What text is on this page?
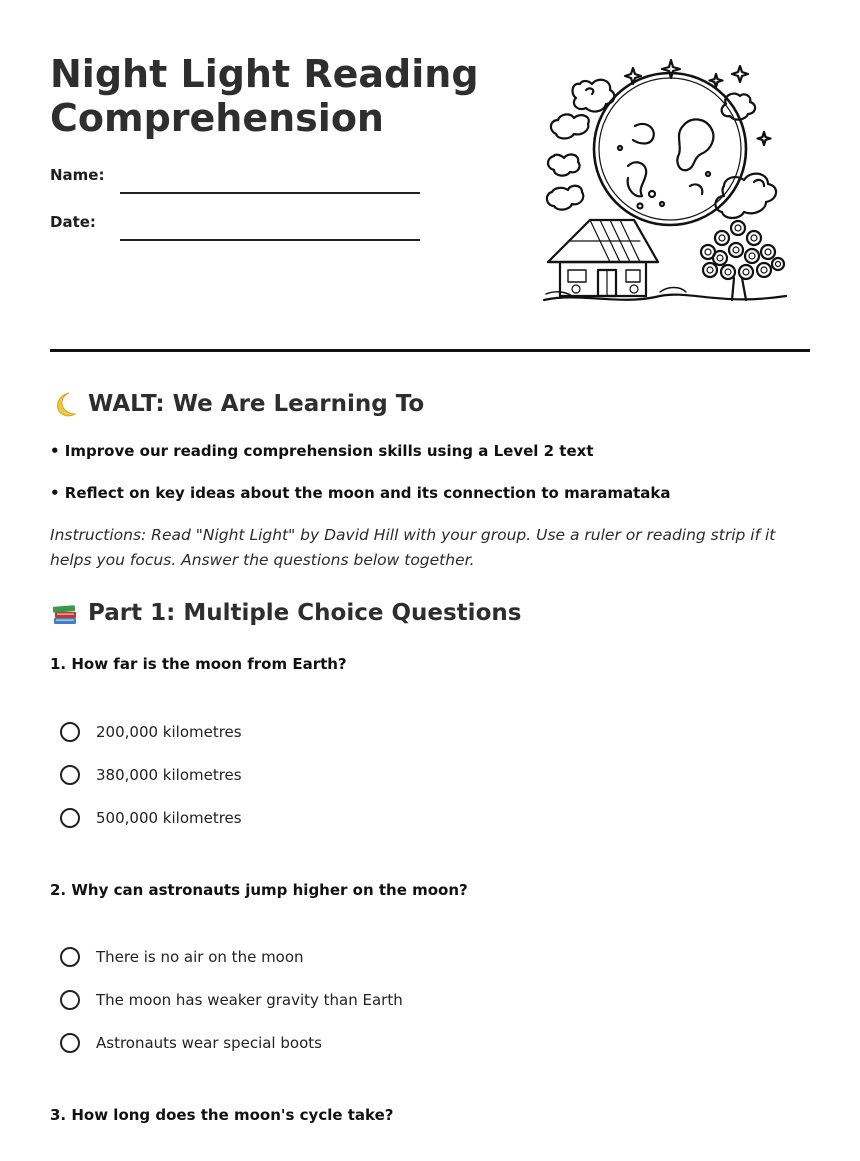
Night Light Reading Comprehension
Name:
Date:
WALT: We Are Learning To
• Improve our reading comprehension skills using a Level 2 text
• Reflect on key ideas about the moon and its connection to maramataka

Instructions: Read "Night Light" by David Hill with your group. Use a ruler or reading strip if it helps you focus. Answer the questions below together.

Part 1: Multiple Choice Questions
1. How far is the moon from Earth?
200,000 kilometres
380,000 kilometres
500,000 kilometres
2. Why can astronauts jump higher on the moon?
There is no air on the moon
The moon has weaker gravity than Earth
Astronauts wear special boots
3. How long does the moon's cycle take?
